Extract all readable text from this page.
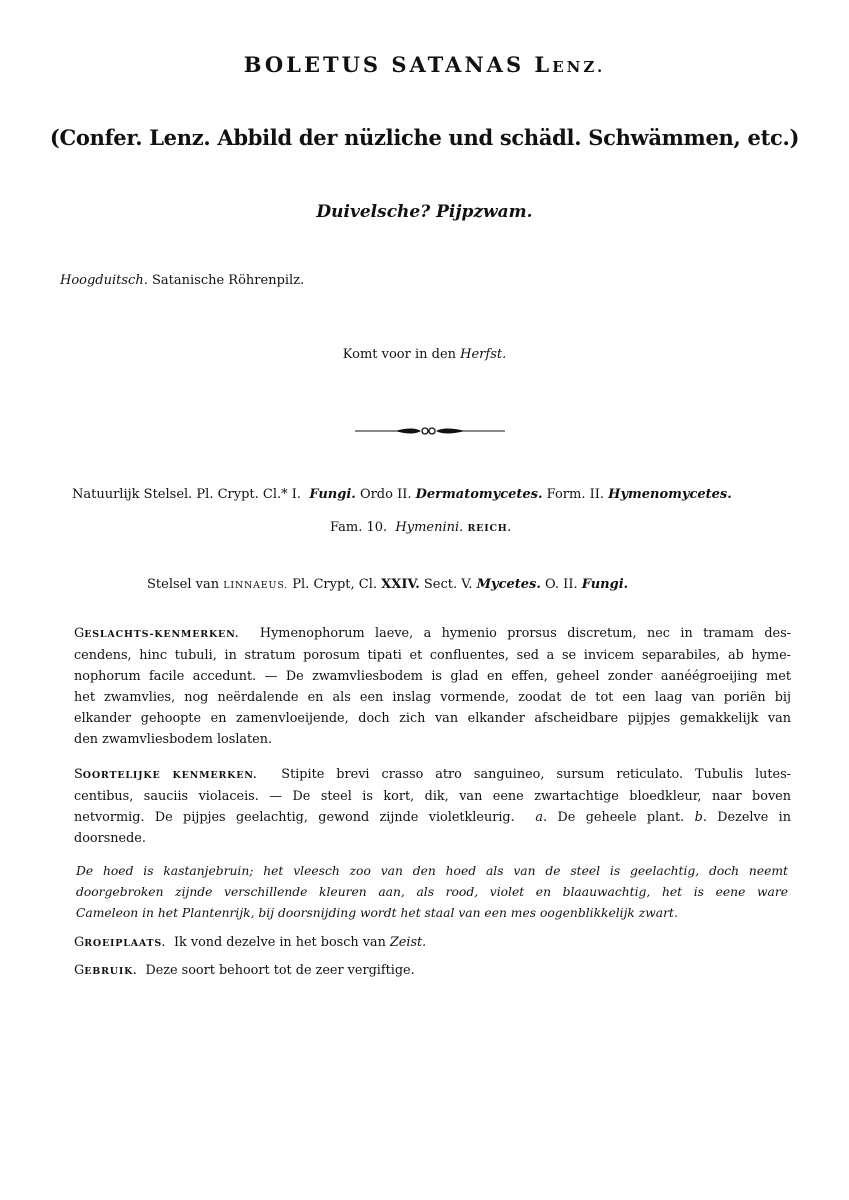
BOLETUS SATANAS LENZ.
(Confer. Lenz. Abbild der nüzliche und schädl. Schwämmen, etc.)
Duivelsche? Pijpzwam.
Hoogduitsch. Satanische Röhrenpilz.
Komt voor in den Herfst.
Natuurlijk Stelsel. Pl. Crypt. Cl.* I. Fungi. Ordo II. Dermatomycetes. Form. II. Hymenomycetes.
Fam. 10. Hymenini. REICH.
Stelsel van LINNAEUS. Pl. Crypt, Cl. XXIV. Sect. V. Mycetes. O. II. Fungi.
GESLACHTS-KENMERKEN. Hymenophorum laeve, a hymenio prorsus discretum, nec in tramam des-
cendens, hinc tubuli, in stratum porosum tipati et confluentes, sed a se invicem separabiles, ab hyme-
nophorum facile accedunt. — De zwamvliesbodem is glad en effen, geheel zonder aanéégroeijing met
het zwamvlies, nog neërdalende en als een inslag vormende, zoodat de tot een laag van poriën bij
elkander gehoopte en zamenvloeijende, doch zich van elkander afscheidbare pijpjes gemakkelijk van
den zwamvliesbodem loslaten.
SOORTELIJKE KENMERKEN. Stipite brevi crasso atro sanguineo, sursum reticulato. Tubulis lutes-
centibus, sauciis violaceis. — De steel is kort, dik, van eene zwartachtige bloedkleur, naar boven
netvormig. De pijpjes geelachtig, gewond zijnde violetkleurig. a. De geheele plant. b. Dezelve in
doorsnede.
De hoed is kastanjebruin; het vleesch zoo van den hoed als van de steel is geelachtig, doch neemt
doorgebroken zijnde verschillende kleuren aan, als rood, violet en blaauwachtig, het is eene ware
Cameleon in het Plantenrijk, bij doorsnijding wordt het staal van een mes oogenblikkelijk zwart.
GROEIPLAATS. Ik vond dezelve in het bosch van Zeist.
GEBRUIK. Deze soort behoort tot de zeer vergiftige.
